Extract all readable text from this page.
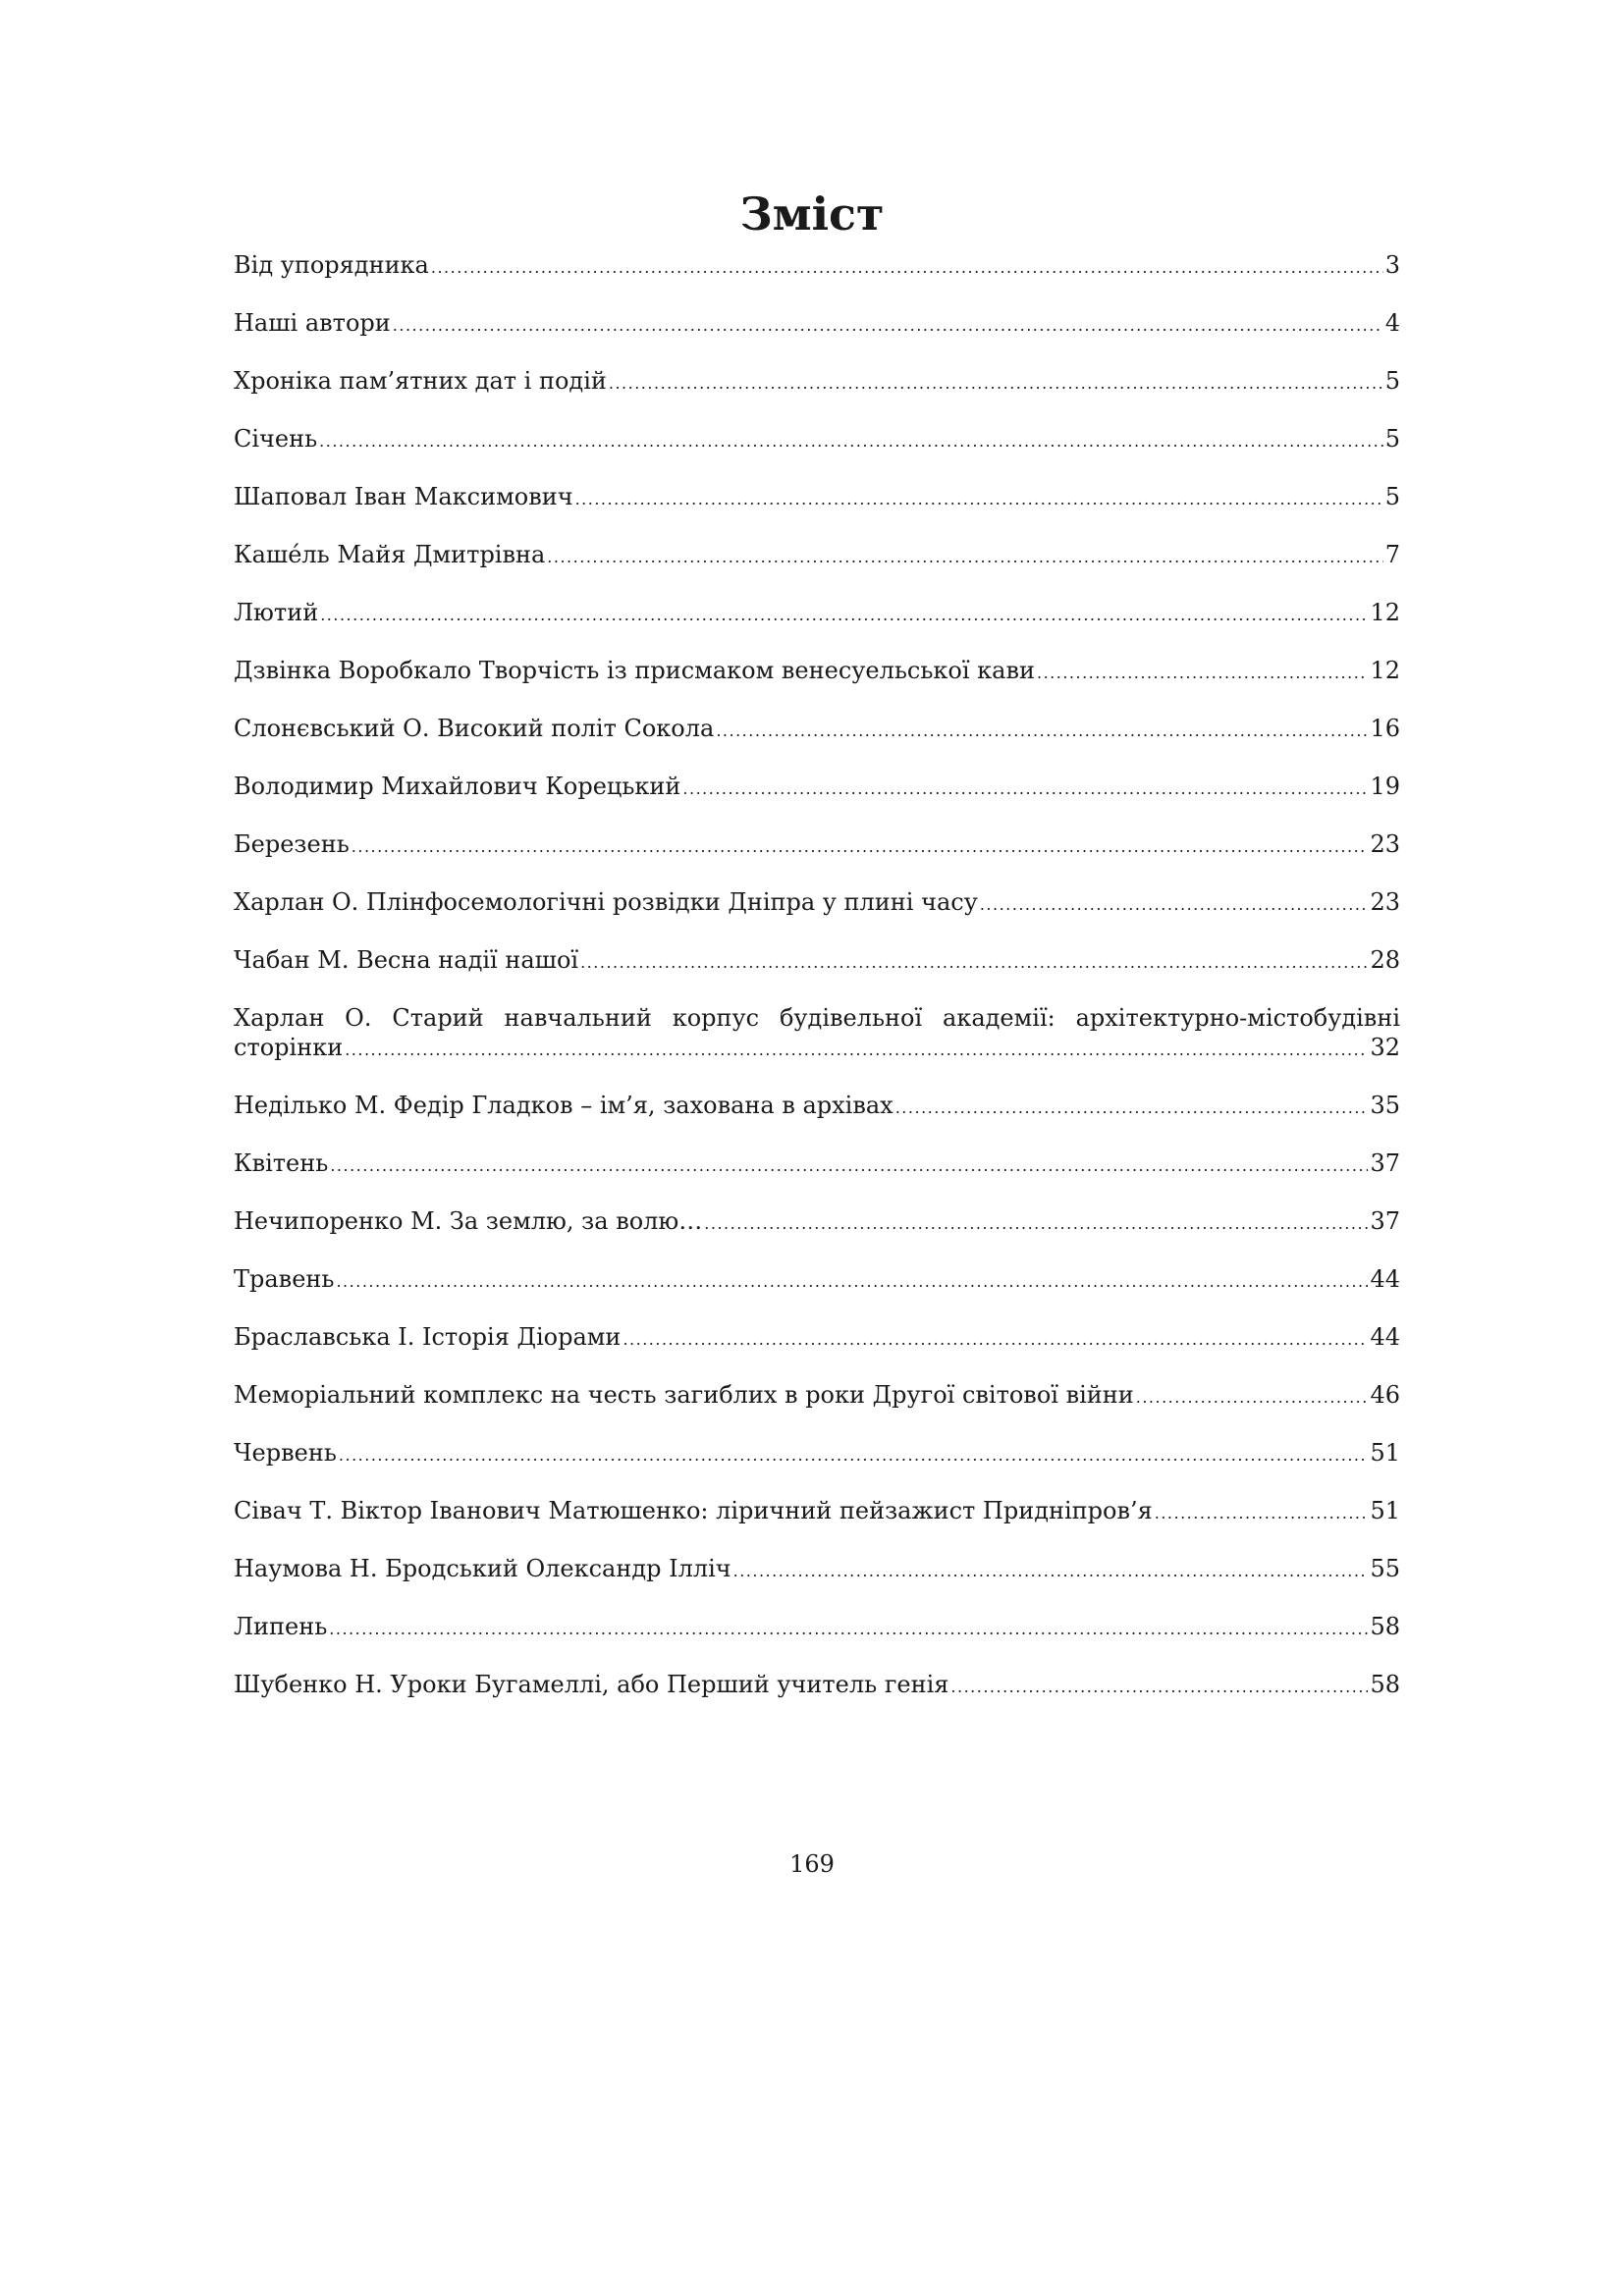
Зміст
Від упорядника .....	3
Наші автори .....	4
Хроніка пам’ятних дат і подій .....	5
Січень .....	5
Шаповал Іван Максимович .....	5
Каше́ль Майя Дмитрівна .....	7
Лютий .....	12
Дзвінка Воробкало Творчість із присмаком венесуельської кави .....	12
Слонєвський О. Високий політ Сокола .....	16
Володимир Михайлович Корецький .....	19
Березень .....	23
Харлан О. Плінфосемологічні розвідки Дніпра у плині часу .....	23
Чабан М. Весна надії нашої .....	28
Харлан О. Старий навчальний корпус будівельної академії: архітектурно-містобудівні
сторінки .....	32
Неділько М. Федір Гладков – ім’я, захована в архівах .....	35
Квітень .....	37
Нечипоренко М. За землю, за волю… .....	37
Травень .....	44
Браславська І. Історія Діорами .....	44
Меморіальний комплекс на честь загиблих в роки Другої світової війни .....	46
Червень .....	51
Сівач Т. Віктор Іванович Матюшенко: ліричний пейзажист Придніпров’я .....	51
Наумова Н. Бродський Олександр Ілліч .....	55
Липень .....	58
Шубенко Н. Уроки Бугамеллі, або Перший учитель генія .....	58
169
